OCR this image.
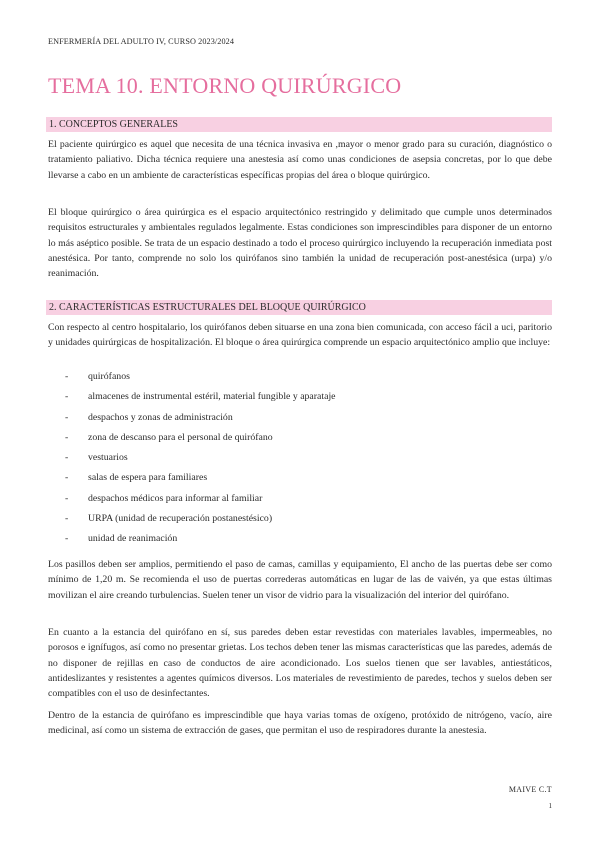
ENFERMERÍA DEL ADULTO IV, CURSO 2023/2024
TEMA 10. ENTORNO QUIRÚRGICO
1. CONCEPTOS GENERALES

El paciente quirúrgico es aquel que necesita de una técnica invasiva en ,mayor o menor grado para su curación, diagnóstico o tratamiento paliativo. Dicha técnica requiere una anestesia así como unas condiciones de asepsia concretas, por lo que debe llevarse a cabo en un ambiente de características específicas propias del área o bloque quirúrgico.

El bloque quirúrgico o área quirúrgica es el espacio arquitectónico restringido y delimitado que cumple unos determinados requisitos estructurales y ambientales regulados legalmente. Estas condiciones son imprescindibles para disponer de un entorno lo más aséptico posible. Se trata de un espacio destinado a todo el proceso quirúrgico incluyendo la recuperación inmediata post anestésica. Por tanto, comprende no solo los quirófanos sino también la unidad de recuperación post-anestésica (urpa) y/o reanimación.

2. CARACTERÍSTICAS ESTRUCTURALES DEL BLOQUE QUIRÚRGICO

Con respecto al centro hospitalario, los quirófanos deben situarse en una zona bien comunicada, con acceso fácil a uci, paritorio y unidades quirúrgicas de hospitalización. El bloque o área quirúrgica comprende un espacio arquitectónico amplio que incluye:

- quirófanos
- almacenes de instrumental estéril, material fungible y aparataje
- despachos y zonas de administración
- zona de descanso para el personal de quirófano
- vestuarios
- salas de espera para familiares
- despachos médicos para informar al familiar
- URPA (unidad de recuperación postanestésico)
- unidad de reanimación

Los pasillos deben ser amplios, permitiendo el paso de camas, camillas y equipamiento, El ancho de las puertas debe ser como mínimo de 1,20 m. Se recomienda el uso de puertas correderas automáticas en lugar de las de vaivén, ya que estas últimas movilizan el aire creando turbulencias. Suelen tener un visor de vidrio para la visualización del interior del quirófano.

En cuanto a la estancia del quirófano en sí, sus paredes deben estar revestidas con materiales lavables, impermeables, no porosos e ignífugos, así como no presentar grietas. Los techos deben tener las mismas características que las paredes, además de no disponer de rejillas en caso de conductos de aire acondicionado. Los suelos tienen que ser lavables, antiestáticos, antideslizantes y resistentes a agentes químicos diversos. Los materiales de revestimiento de paredes, techos y suelos deben ser compatibles con el uso de desinfectantes.

Dentro de la estancia de quirófano es imprescindible que haya varias tomas de oxígeno, protóxido de nitrógeno, vacío, aire medicinal, así como un sistema de extracción de gases, que permitan el uso de respiradores durante la anestesia.

MAIVE C.T
1
